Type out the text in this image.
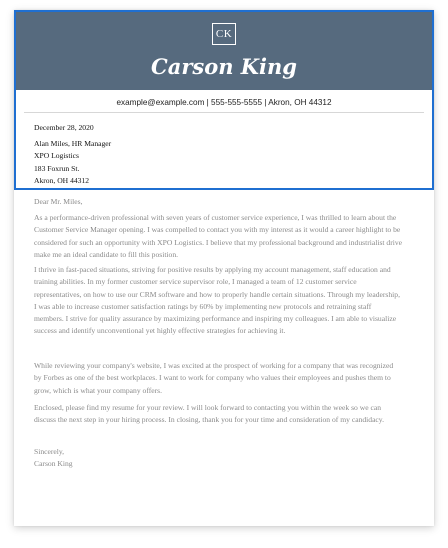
CK
Carson King
example@example.com | 555-555-5555 | Akron, OH 44312
December 28, 2020
Alan Miles, HR Manager
XPO Logistics
183 Foxrun St.
Akron, OH 44312
Dear Mr. Miles,

As a performance-driven professional with seven years of customer service experience, I was thrilled to learn about the Customer Service Manager opening. I was compelled to contact you with my interest as it would a career highlight to be considered for such an opportunity with XPO Logistics. I believe that my professional background and industrialist drive make me an ideal candidate to fill this position.

I thrive in fast-paced situations, striving for positive results by applying my account management, staff education and training abilities. In my former customer service supervisor role, I managed a team of 12 customer service representatives, on how to use our CRM software and how to properly handle certain situations. Through my leadership, I was able to increase customer satisfaction ratings by 60% by implementing new protocols and retraining staff members. I strive for quality assurance by maximizing performance and inspiring my colleagues. I am able to visualize success and identify unconventional yet highly effective strategies for achieving it.

While reviewing your company's website, I was excited at the prospect of working for a company that was recognized by Forbes as one of the best workplaces. I want to work for company who values their employees and pushes them to grow, which is what your company offers.

Enclosed, please find my resume for your review. I will look forward to contacting you within the week so we can discuss the next step in your hiring process. In closing, thank you for your time and consideration of my candidacy.

Sincerely,
Carson King
